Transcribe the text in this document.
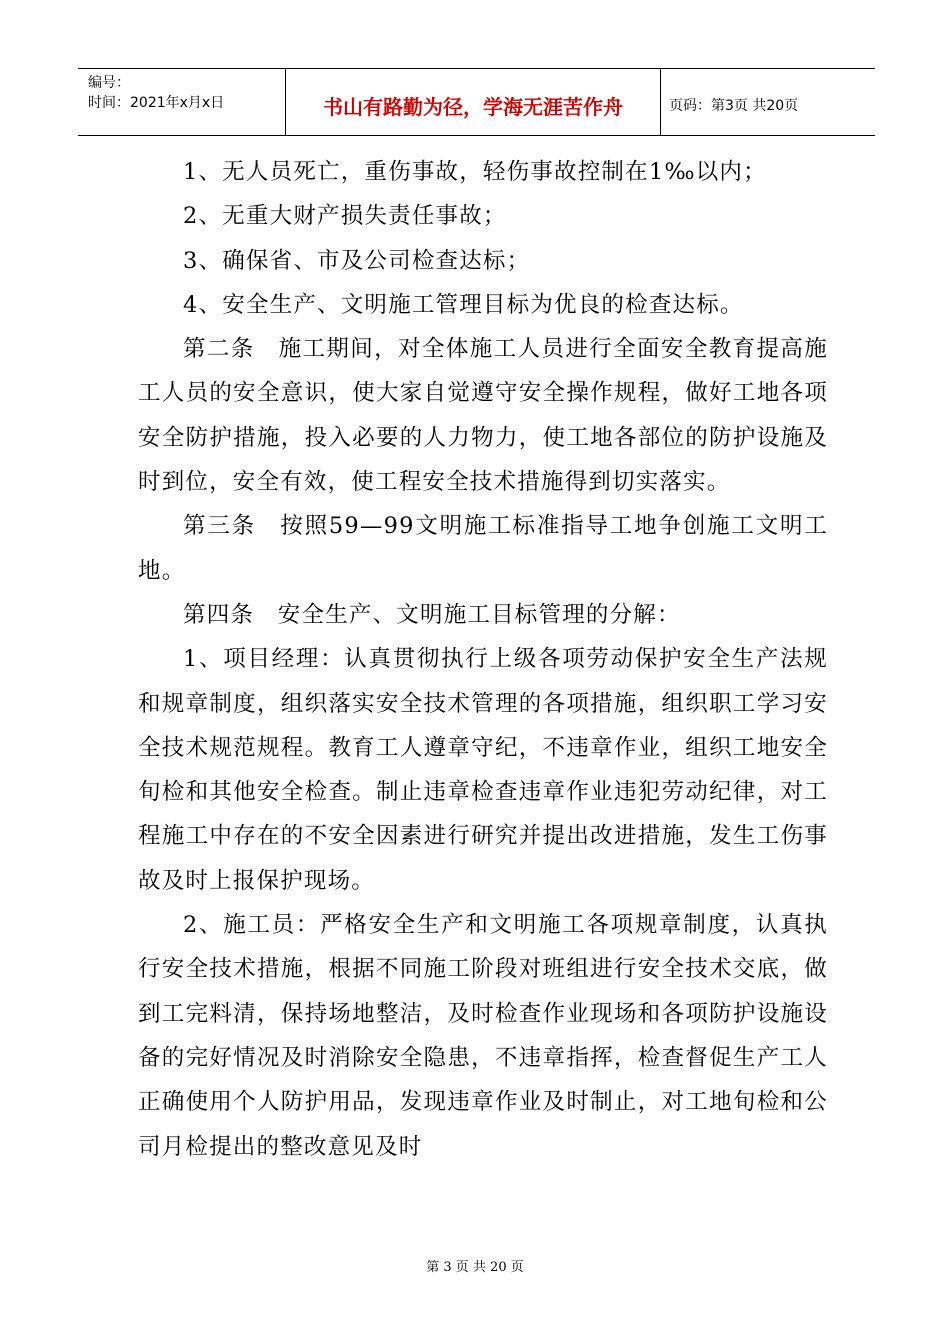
编号：
时间：2021年x月x日	书山有路勤为径，学海无涯苦作舟	页码：第3页 共20页

1、无人员死亡，重伤事故，轻伤事故控制在1‰以内；

2、无重大财产损失责任事故；

3、确保省、市及公司检查达标；

4、安全生产、文明施工管理目标为优良的检查达标。

第二条　施工期间，对全体施工人员进行全面安全教育提高施工人员的安全意识，使大家自觉遵守安全操作规程，做好工地各项安全防护措施，投入必要的人力物力，使工地各部位的防护设施及时到位，安全有效，使工程安全技术措施得到切实落实。

第三条　按照59—99文明施工标准指导工地争创施工文明工地。

第四条　安全生产、文明施工目标管理的分解：

1、项目经理：认真贯彻执行上级各项劳动保护安全生产法规和规章制度，组织落实安全技术管理的各项措施，组织职工学习安全技术规范规程。教育工人遵章守纪，不违章作业，组织工地安全旬检和其他安全检查。制止违章检查违章作业违犯劳动纪律，对工程施工中存在的不安全因素进行研究并提出改进措施，发生工伤事故及时上报保护现场。

2、施工员：严格安全生产和文明施工各项规章制度，认真执行安全技术措施，根据不同施工阶段对班组进行安全技术交底，做到工完料清，保持场地整洁，及时检查作业现场和各项防护设施设备的完好情况及时消除安全隐患，不违章指挥，检查督促生产工人正确使用个人防护用品，发现违章作业及时制止，对工地旬检和公司月检提出的整改意见及时

第 3 页 共 20 页
